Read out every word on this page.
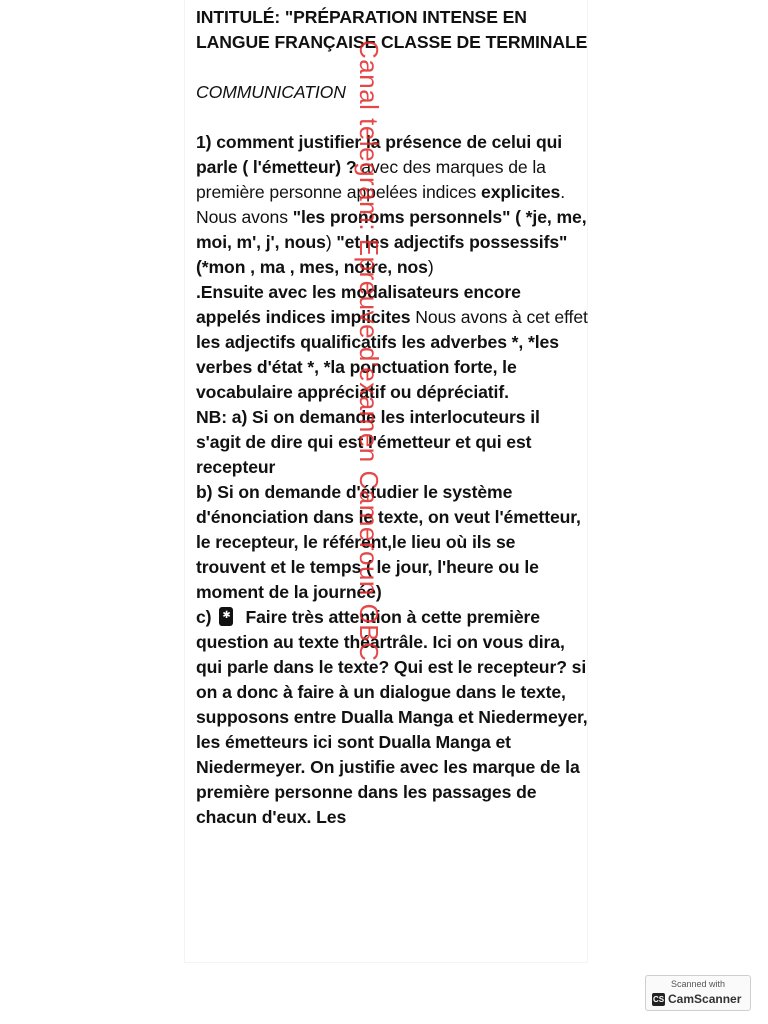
INTITULÉ: "PRÉPARATION INTENSE EN LANGUE FRANÇAISE CLASSE DE TERMINALE

COMMUNICATION

1) comment justifier la présence de celui qui parle ( l'émetteur) ? avec des marques de la première personne appelées indices explicites. Nous avons "les pronoms personnels" ( *je, me, moi, m', j', nous) "et les adjectifs possessifs" (*mon , ma , mes, notre, nos)

.Ensuite avec les modalisateurs encore appelés indices implicites Nous avons à cet effet les adjectifs qualificatifs les adverbes *, *les verbes d'état *, *la ponctuation forte, le vocabulaire appréciatif ou dépréciatif.

NB: a) Si on demande les interlocuteurs il s'agit de dire qui est l'émetteur et qui est recepteur

b) Si on demande d'étudier le système d'énonciation dans le texte, on veut l'émetteur, le recepteur, le référent,le lieu où ils se trouvent et le temps ( le jour, l'heure ou le moment de la journée)

c)✱ Faire très attention à cette première question au texte théartrâle. Ici on vous dira, qui parle dans le texte? Qui est le recepteur? si on a donc à faire à un dialogue dans le texte, supposons entre Dualla Manga et Niedermeyer, les émetteurs ici sont Dualla Manga et Niedermeyer. On justifie avec les marque de la première personne dans les passages de chacun d'eux. Les

Canal telegram: Epreuve d'examen Cameroun OBC
Scanned with
CS CamScanner
